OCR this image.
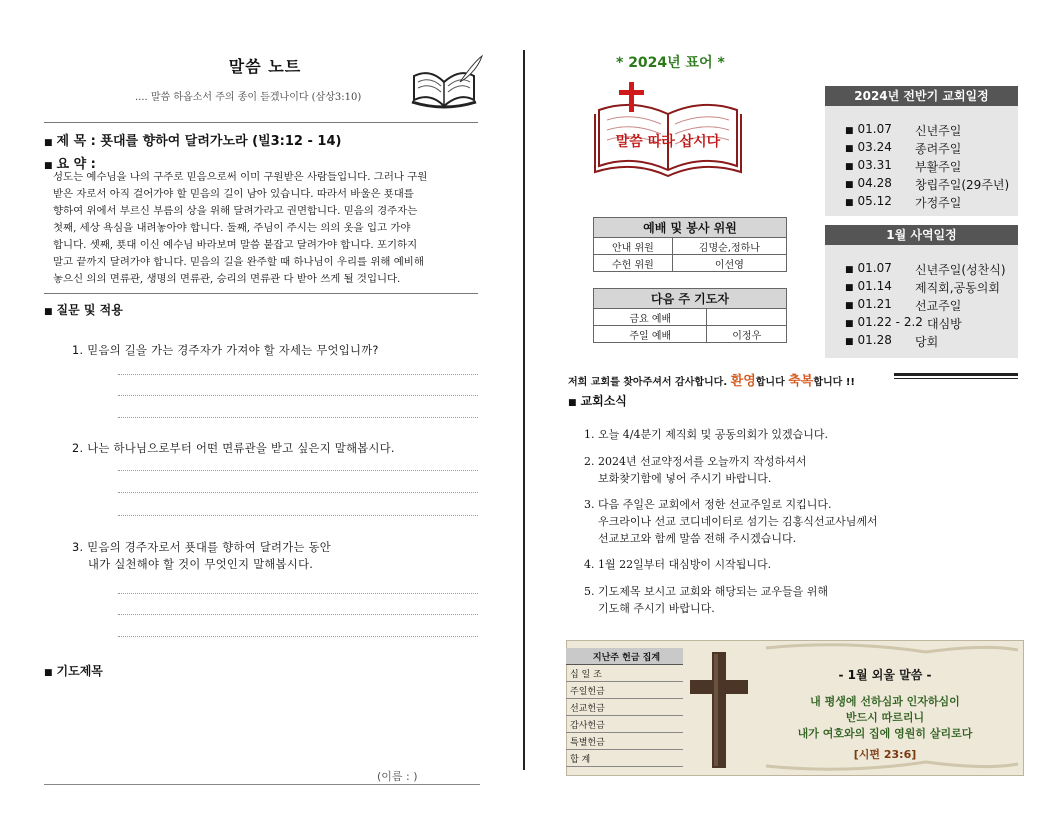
말씀 노트
.... 말씀 하옵소서 주의 종이 듣겠나이다 (삼상3:10)
■ 제 목 : 푯대를 향하여 달려가노라 (빌3:12 - 14)
■ 요 약 :
성도는 예수님을 나의 구주로 믿음으로써 이미 구원받은 사람들입니다. 그러나 구원
받은 자로서 아직 걸어가야 할 믿음의 길이 남아 있습니다. 따라서 바울은 푯대를
향하여 위에서 부르신 부름의 상을 위해 달려가라고 권면합니다. 믿음의 경주자는
첫째, 세상 욕심을 내려놓아야 합니다. 둘째, 주님이 주시는 의의 옷을 입고 가야
합니다. 셋째, 푯대 이신 예수님 바라보며 말씀 붙잡고 달려가야 합니다. 포기하지
말고 끝까지 달려가야 합니다. 믿음의 길을 완주할 때 하나님이 우리를 위해 예비해
놓으신 의의 면류관, 생명의 면류관, 승리의 면류관 다 받아 쓰게 될 것입니다.
■ 질문 및 적용
1. 믿음의 길을 가는 경주자가 가져야 할 자세는 무엇입니까?
2. 나는 하나님으로부터 어떤 면류관을 받고 싶은지 말해봅시다.
3. 믿음의 경주자로서 푯대를 향하여 달려가는 동안
내가 실천해야 할 것이 무엇인지 말해봅시다.
■ 기도제목
(이름 : )
* 2024년 표어 *
말씀 따라 삽시다
예배 및 봉사 위원	
안내 위원	김명순,정하나
수헌 위원	이선영
다음 주 기도자	
금요 예배	
주일 예배	이정우
2024년 전반기 교회일정
■ 01.07 신년주일
■ 03.24 종려주일
■ 03.31 부활주일
■ 04.28 창립주일(29주년)
■ 05.12 가정주일
1월 사역일정
■ 01.07 신년주일(성찬식)
■ 01.14 제직회,공동의회
■ 01.21 선교주일
■ 01.22 - 2.2 대심방
■ 01.28 당회
저희 교회를 찾아주셔서 감사합니다. 환영합니다 축복합니다 !!
■ 교회소식
1. 오늘 4/4분기 제직회 및 공동의회가 있겠습니다.
2. 2024년 선교약정서를 오늘까지 작성하셔서
보화찾기함에 넣어 주시기 바랍니다.
3. 다음 주일은 교회에서 정한 선교주일로 지킵니다.
우크라이나 선교 코디네이터로 섬기는 김홍식선교사님께서
선교보고와 함께 말씀 전해 주시겠습니다.
4. 1월 22일부터 대심방이 시작됩니다.
5. 기도제목 보시고 교회와 해당되는 교우들을 위해
기도해 주시기 바랍니다.
지난주 헌금 집계
십 일 조
주일헌금
선교헌금
감사헌금
특별헌금
합 계
- 1월 외울 말씀 -
내 평생에 선하심과 인자하심이
반드시 따르리니
내가 여호와의 집에 영원히 살리로다
[시편 23:6]
